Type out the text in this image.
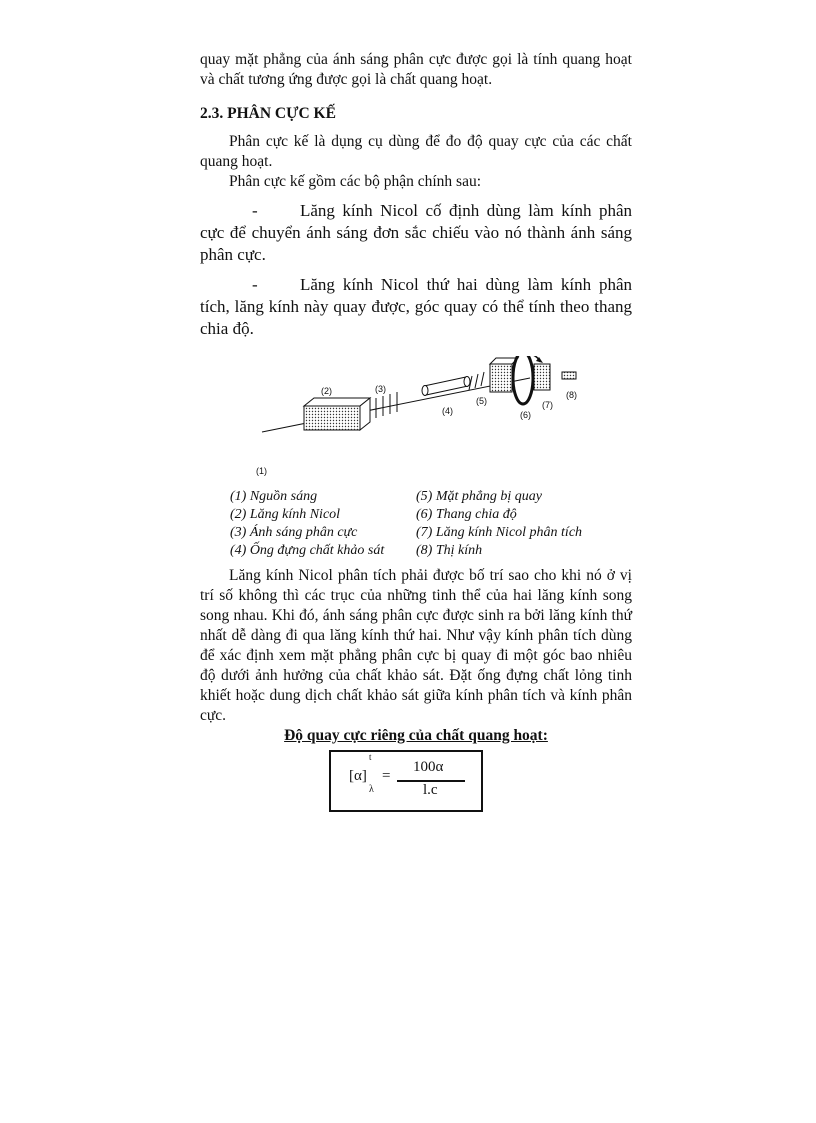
quay mặt phẳng của ánh sáng phân cực được gọi là tính quang hoạt và chất tương ứng được gọi là chất quang hoạt.

2.3. PHÂN CỰC KẾ

Phân cực kế là dụng cụ dùng để đo độ quay cực của các chất quang hoạt.

Phân cực kế gồm các bộ phận chính sau:

- Lăng kính Nicol cố định dùng làm kính phân cực để chuyển ánh sáng đơn sắc chiếu vào nó thành ánh sáng phân cực.

- Lăng kính Nicol thứ hai dùng làm kính phân tích, lăng kính này quay được, góc quay có thể tính theo thang chia độ.

(1)
(2)	(3)
(4)
(5)
(6)
(7)
(8)
(1) Nguồn sáng	(5) Mặt phẳng bị quay
(2) Lăng kính Nicol	(6) Thang chia độ
(3) Ánh sáng phân cực	(7) Lăng kính Nicol phân tích
(4) Ống đựng chất khảo sát	(8) Thị kính

Lăng kính Nicol phân tích phải được bố trí sao cho khi nó ở vị trí số không thì các trục của những tinh thể của hai lăng kính song song nhau. Khi đó, ánh sáng phân cực được sinh ra bởi lăng kính thứ nhất dễ dàng đi qua lăng kính thứ hai. Như vậy kính phân tích dùng để xác định xem mặt phẳng phân cực bị quay đi một góc bao nhiêu độ dưới ảnh hưởng của chất khảo sát. Đặt ống đựng chất lỏng tinh khiết hoặc dung dịch chất khảo sát giữa kính phân tích và kính phân cực.

Độ quay cực riêng của chất quang hoạt:
[α]
t
λ
=
100α
l.c
